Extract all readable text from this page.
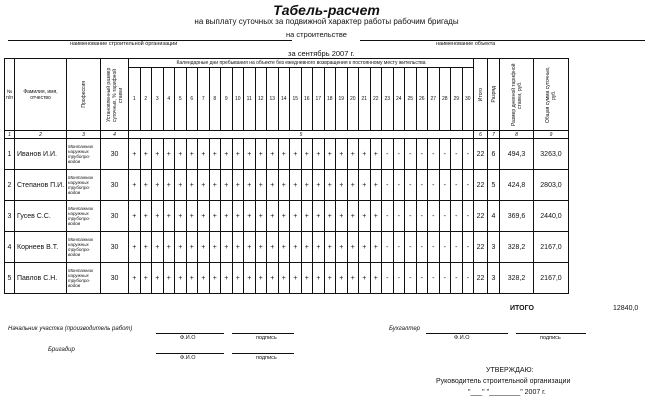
Табель-расчет
на выплату суточных за подвижной характер работы рабочим бригады
на строительстве
наименование строительной организации	наименование объекта
за сентябрь 2007 г.
№ п/п	Фамилия, имя, отчество	Профессия	Установленный размер суточных, % тарифной ставки	Календарные дни пребывания на объекте без ежедневного возвращения к постоянному месту жительства																														Итого	Разряд	Размер дневной тарифной ставки, руб.	Общая сумма суточных, руб.

				1	2	3	4	5	6	7	8	9	10	11	12	13	14	15	16	17	18	19	20	21	22	23	24	25	26	27	28	29	30				
1	2	3	4	5																														6	7	8	9
1	Иванов И.И.	Монтажник наружных трубопро-водов	30	+	+	+	+	+	+	+	+	+	+	+	+	+	+	+	+	+	+	+	+	+	+	-	-	-	-	-	-	-	-	22	6	494,3	3263,0
2	Степанов П.И.	Монтажник наружных трубопро-водов	30	+	+	+	+	+	+	+	+	+	+	+	+	+	+	+	+	+	+	+	+	+	+	-	-	-	-	-	-	-	-	22	5	424,8	2803,0
3	Гусев С.С.	Монтажник наружных трубопро-водов	30	+	+	+	+	+	+	+	+	+	+	+	+	+	+	+	+	+	+	+	+	+	+	-	-	-	-	-	-	-	-	22	4	369,6	2440,0
4	Корнеев В.Т.	Монтажник наружных трубопро-водов	30	+	+	+	+	+	+	+	+	+	+	+	+	+	+	+	+	+	+	+	+	+	+	-	-	-	-	-	-	-	-	22	3	328,2	2167,0
5	Павлов С.Н.	Монтажник наружных трубопро-водов	30	+	+	+	+	+	+	+	+	+	+	+	+	+	+	+	+	+	+	+	+	+	+	-	-	-	-	-	-	-	-	22	3	328,2	2167,0
ИТОГО	12840,0
Начальник участка (производитель работ)
Ф.И.О	подпись
Бухгалтер
Ф.И.О	подпись
Бригадир
Ф.И.О	подпись
УТВЕРЖДАЮ:
Руководитель строительной организации
"___" "________" 2007 г.
